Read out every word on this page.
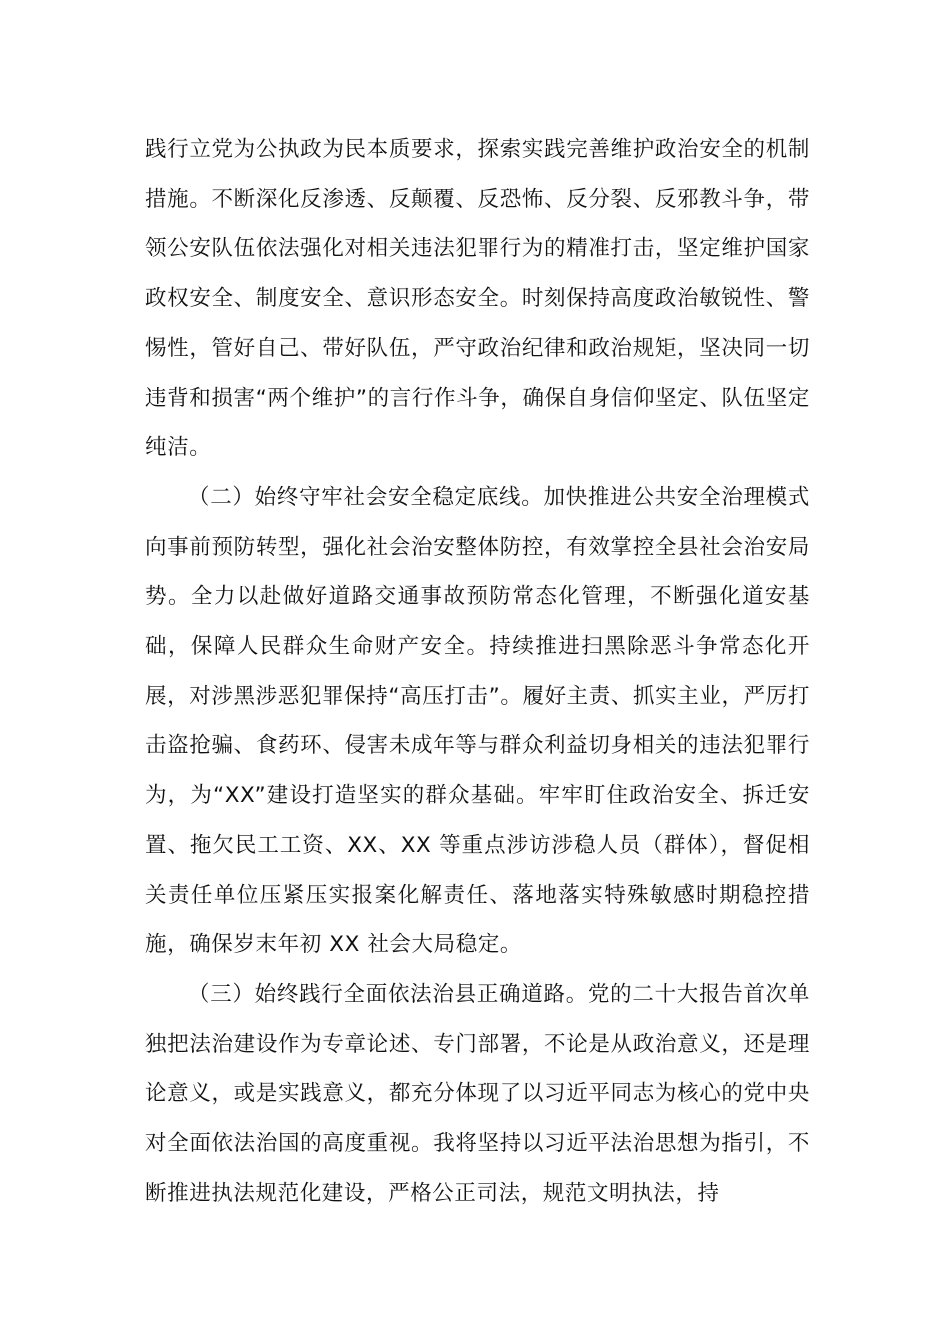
践行立党为公执政为民本质要求，探索实践完善维护政治安全的机制措施。不断深化反渗透、反颠覆、反恐怖、反分裂、反邪教斗争，带领公安队伍依法强化对相关违法犯罪行为的精准打击，坚定维护国家政权安全、制度安全、意识形态安全。时刻保持高度政治敏锐性、警惕性，管好自己、带好队伍，严守政治纪律和政治规矩，坚决同一切违背和损害“两个维护”的言行作斗争，确保自身信仰坚定、队伍坚定纯洁。

（二）始终守牢社会安全稳定底线。加快推进公共安全治理模式向事前预防转型，强化社会治安整体防控，有效掌控全县社会治安局势。全力以赴做好道路交通事故预防常态化管理，不断强化道安基础，保障人民群众生命财产安全。持续推进扫黑除恶斗争常态化开展，对涉黑涉恶犯罪保持“高压打击”。履好主责、抓实主业，严厉打击盗抢骗、食药环、侵害未成年等与群众利益切身相关的违法犯罪行为，为“XX”建设打造坚实的群众基础。牢牢盯住政治安全、拆迁安置、拖欠民工工资、XX、XX 等重点涉访涉稳人员（群体），督促相关责任单位压紧压实报案化解责任、落地落实特殊敏感时期稳控措施，确保岁末年初 XX 社会大局稳定。

（三）始终践行全面依法治县正确道路。党的二十大报告首次单独把法治建设作为专章论述、专门部署，不论是从政治意义，还是理论意义，或是实践意义，都充分体现了以习近平同志为核心的党中央对全面依法治国的高度重视。我将坚持以习近平法治思想为指引，不断推进执法规范化建设，严格公正司法，规范文明执法，持
